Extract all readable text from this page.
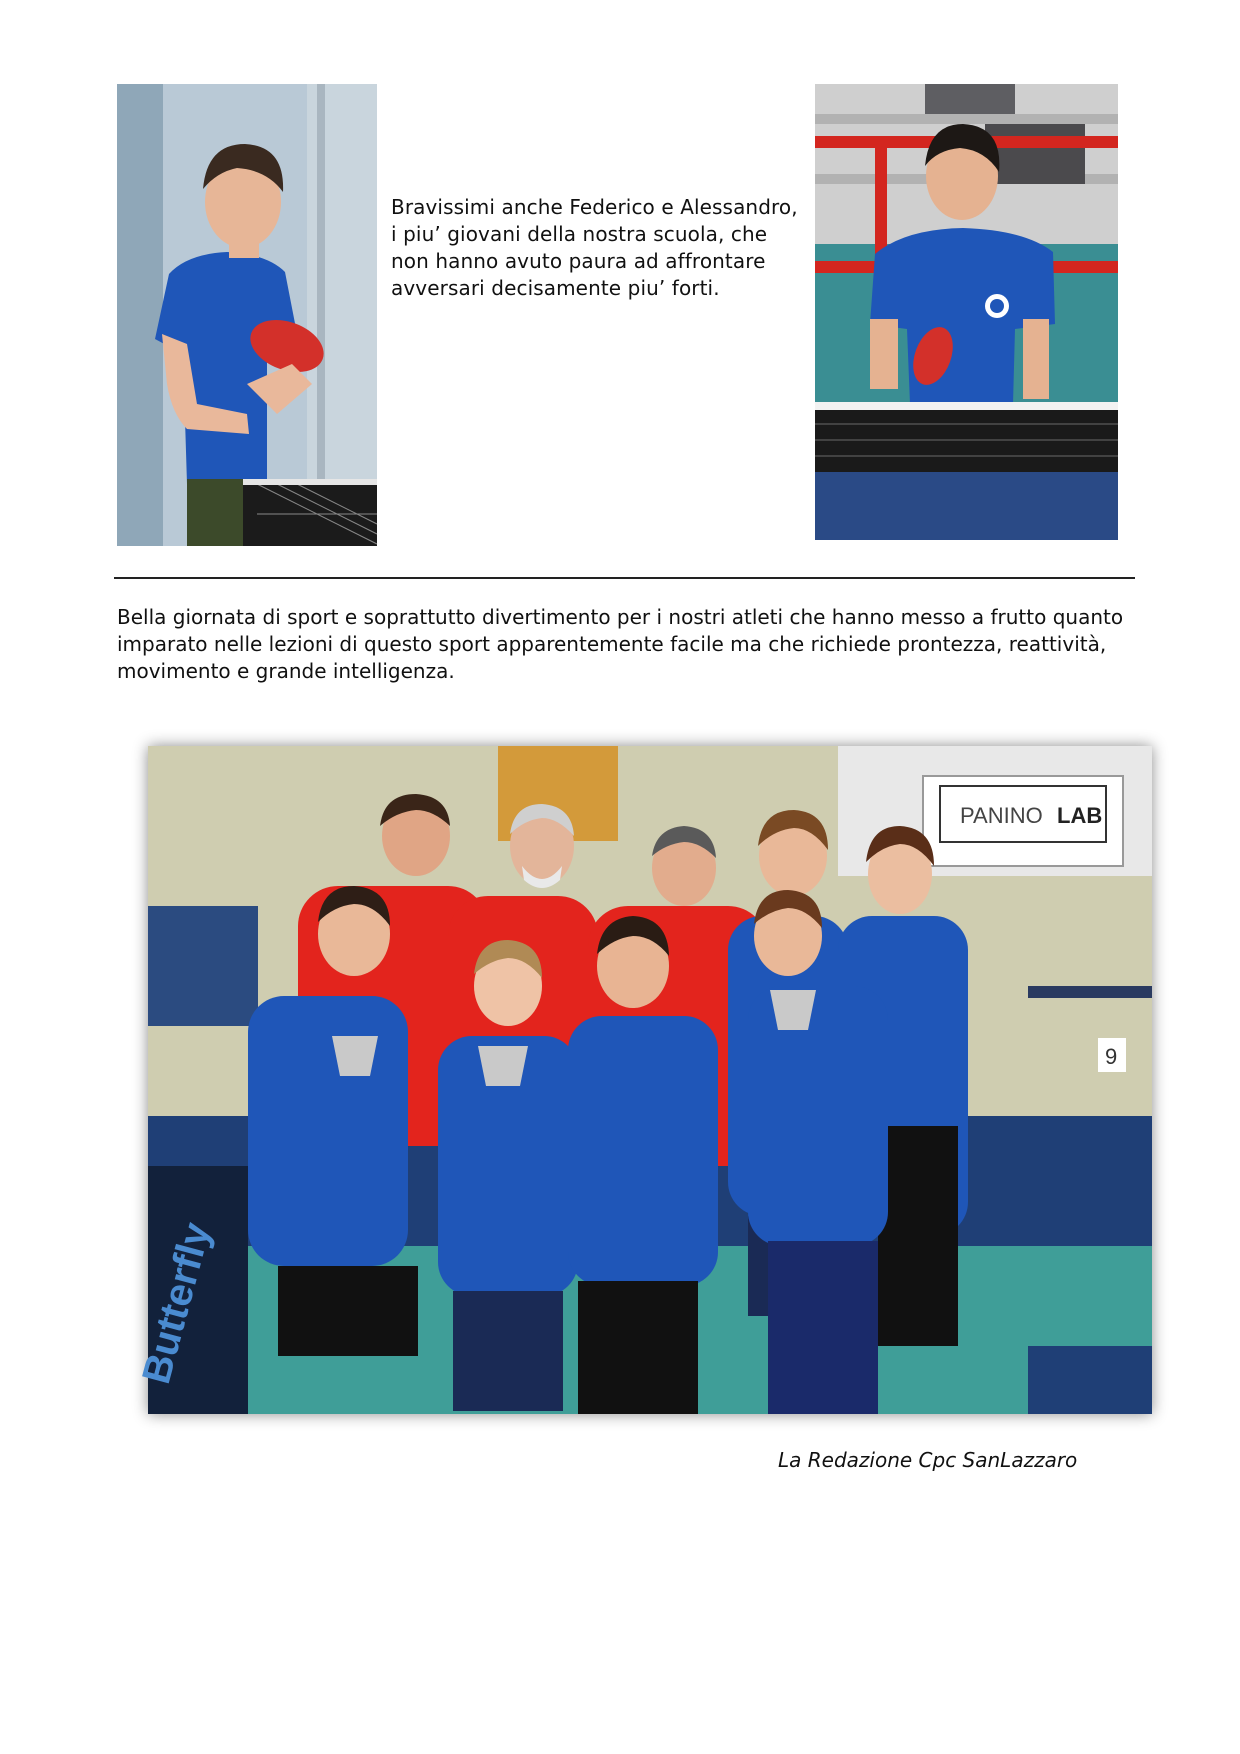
Bravissimi anche Federico e Alessandro,
i piu’ giovani della nostra scuola, che
non hanno avuto paura ad affrontare
avversari decisamente piu’ forti.
Bella giornata di sport e soprattutto divertimento per i nostri atleti che hanno messo a frutto quanto
imparato nelle lezioni di questo sport apparentemente facile ma che richiede prontezza, reattività,
movimento e grande intelligenza.
PANINO LAB
Butterfly
9
La Redazione Cpc SanLazzaro
